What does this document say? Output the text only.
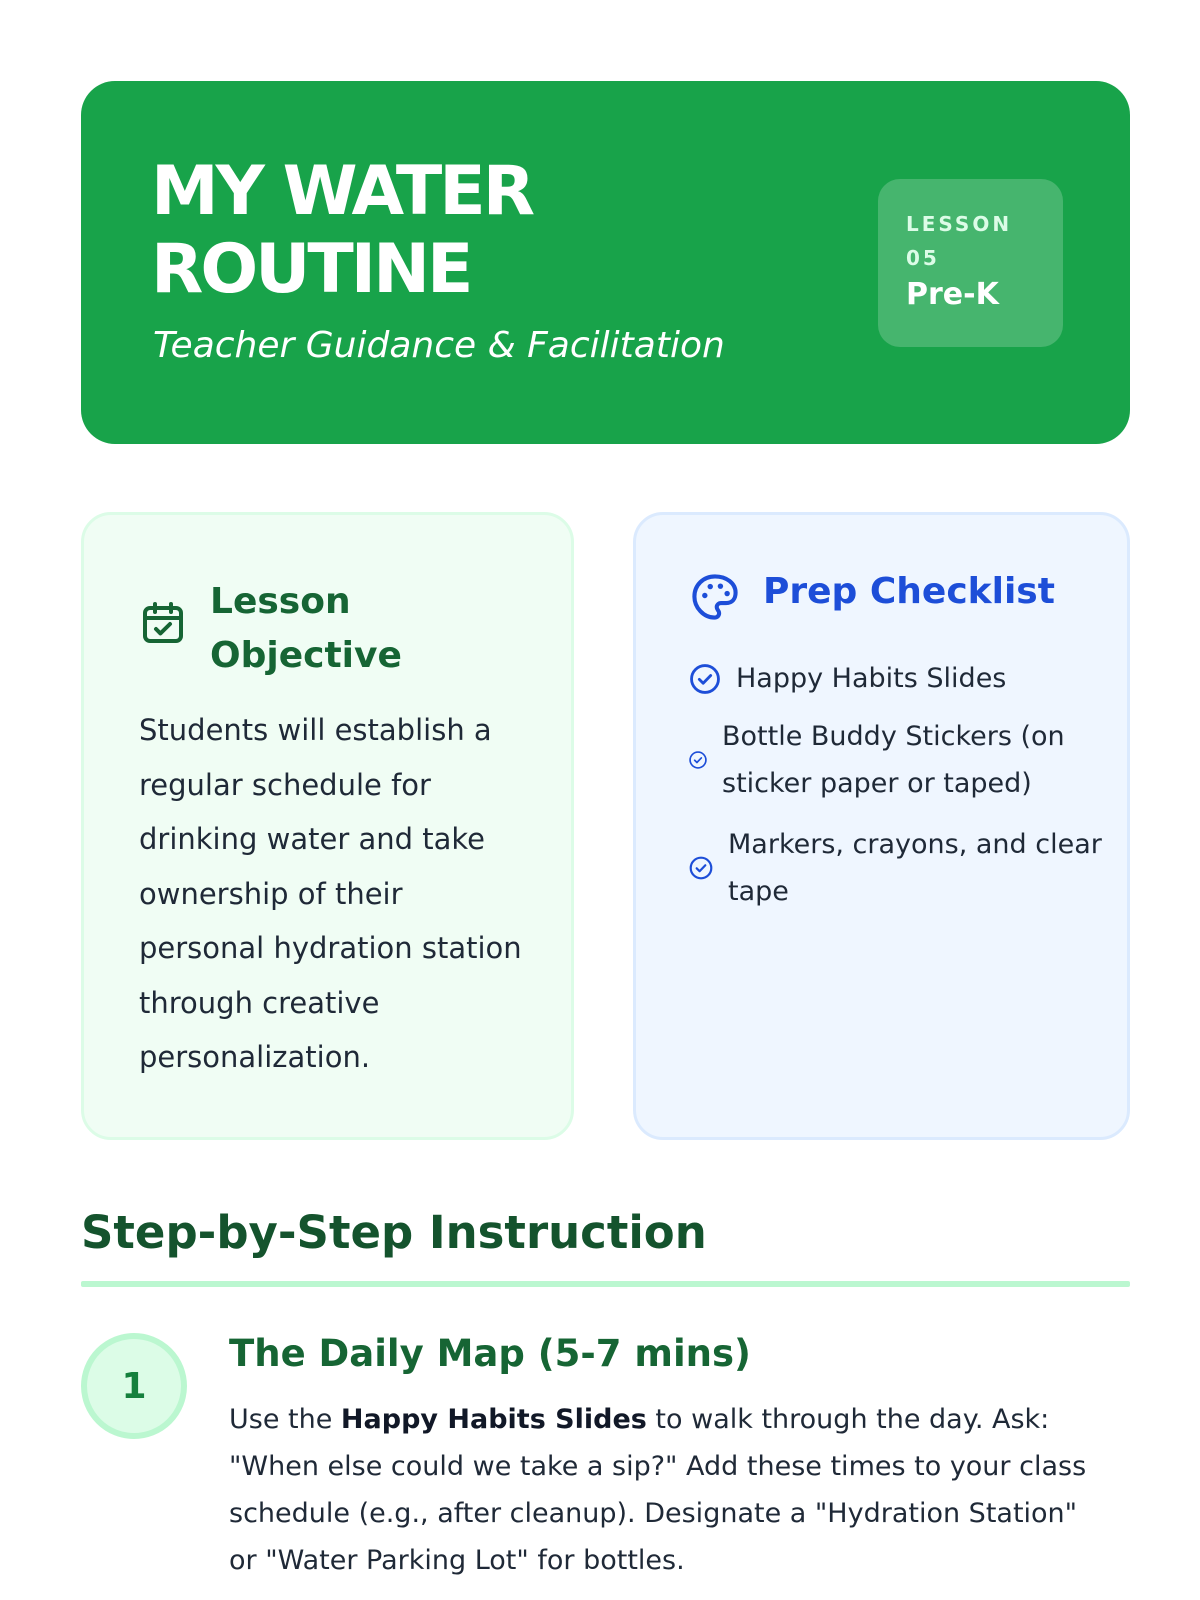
MY WATER
ROUTINE

Teacher Guidance & Facilitation

LESSON 05
Pre-K
Lesson Objective

Students will establish a regular schedule for drinking water and take ownership of their personal hydration station through creative personalization.

Prep Checklist
Happy Habits Slides
Bottle Buddy Stickers (on sticker paper or taped)
Markers, crayons, and clear tape
Step-by-Step Instruction
1
The Daily Map (5-7 mins)

Use the Happy Habits Slides to walk through the day. Ask: "When else could we take a sip?" Add these times to your class schedule (e.g., after cleanup). Designate a "Hydration Station" or "Water Parking Lot" for bottles.
